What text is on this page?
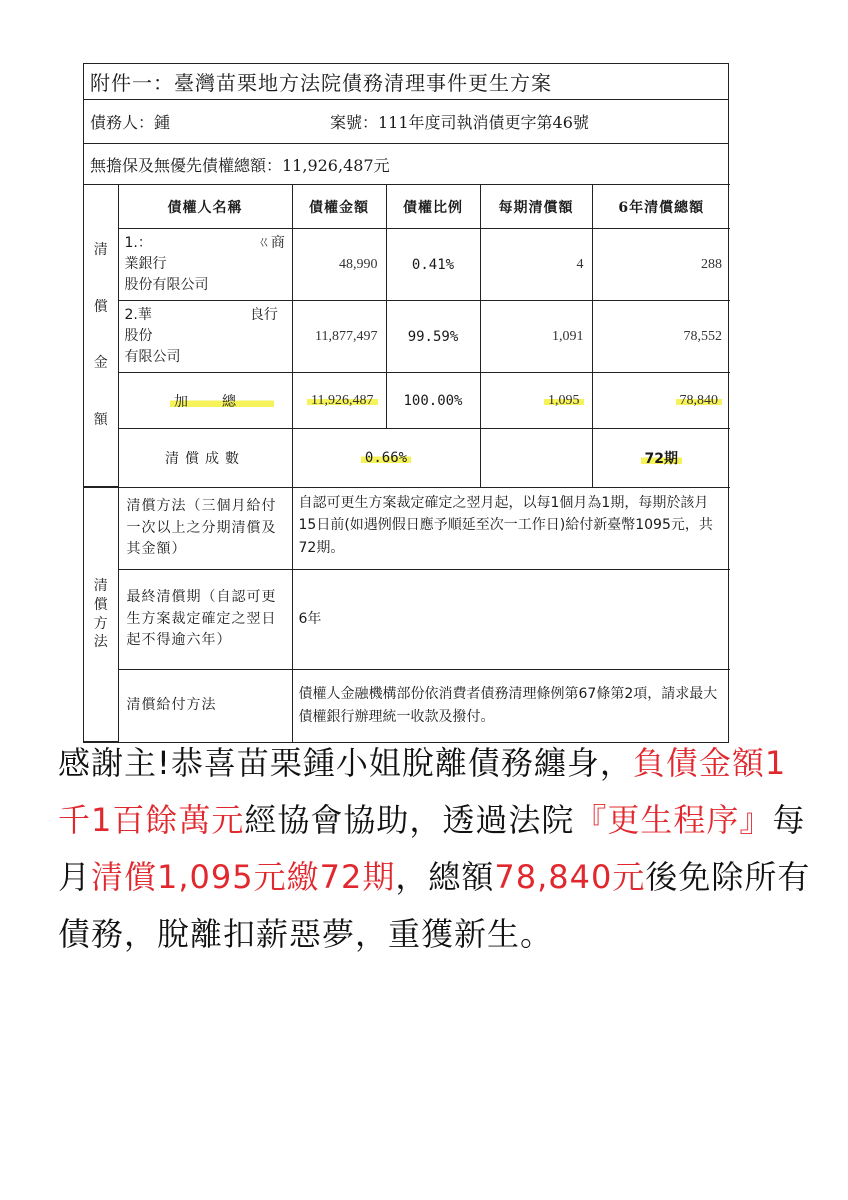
附件一：臺灣苗栗地方法院債務清理事件更生方案
債務人：鍾	案號：111年度司執消債更字第46號
無擔保及無優先債權總額：11,926,487元
清

償

金

額	債權人名稱	債權金額	債權比例	每期清償額	6年清償總額

	1.：　　　　　　　　ㄍ商業銀行
股份有限公司	48,990	0.41%	4	288

	2.華　　　　　　　良行股份
有限公司	11,877,497	99.59%	1,091	78,552
	加總	11,926,487	100.00%	1,095	78,840
	清償成數	0.66%			72期
清
償
方
法	清償方法（三個月給付一次以上之分期清償及其金額）	自認可更生方案裁定確定之翌月起，以每1個月為1期，每期於該月15日前(如遇例假日應予順延至次一工作日)給付新臺幣1095元，共72期。
	最終清償期（自認可更生方案裁定確定之翌日起不得逾六年）	6年
	清償給付方法	債權人金融機構部份依消費者債務清理條例第67條第2項，請求最大債權銀行辦理統一收款及撥付。
感謝主!恭喜苗栗鍾小姐脫離債務纏身，負債金額1千1百餘萬元經協會協助，透過法院『更生程序』每月清償1,095元繳72期，總額78,840元後免除所有債務，脫離扣薪惡夢，重獲新生。
